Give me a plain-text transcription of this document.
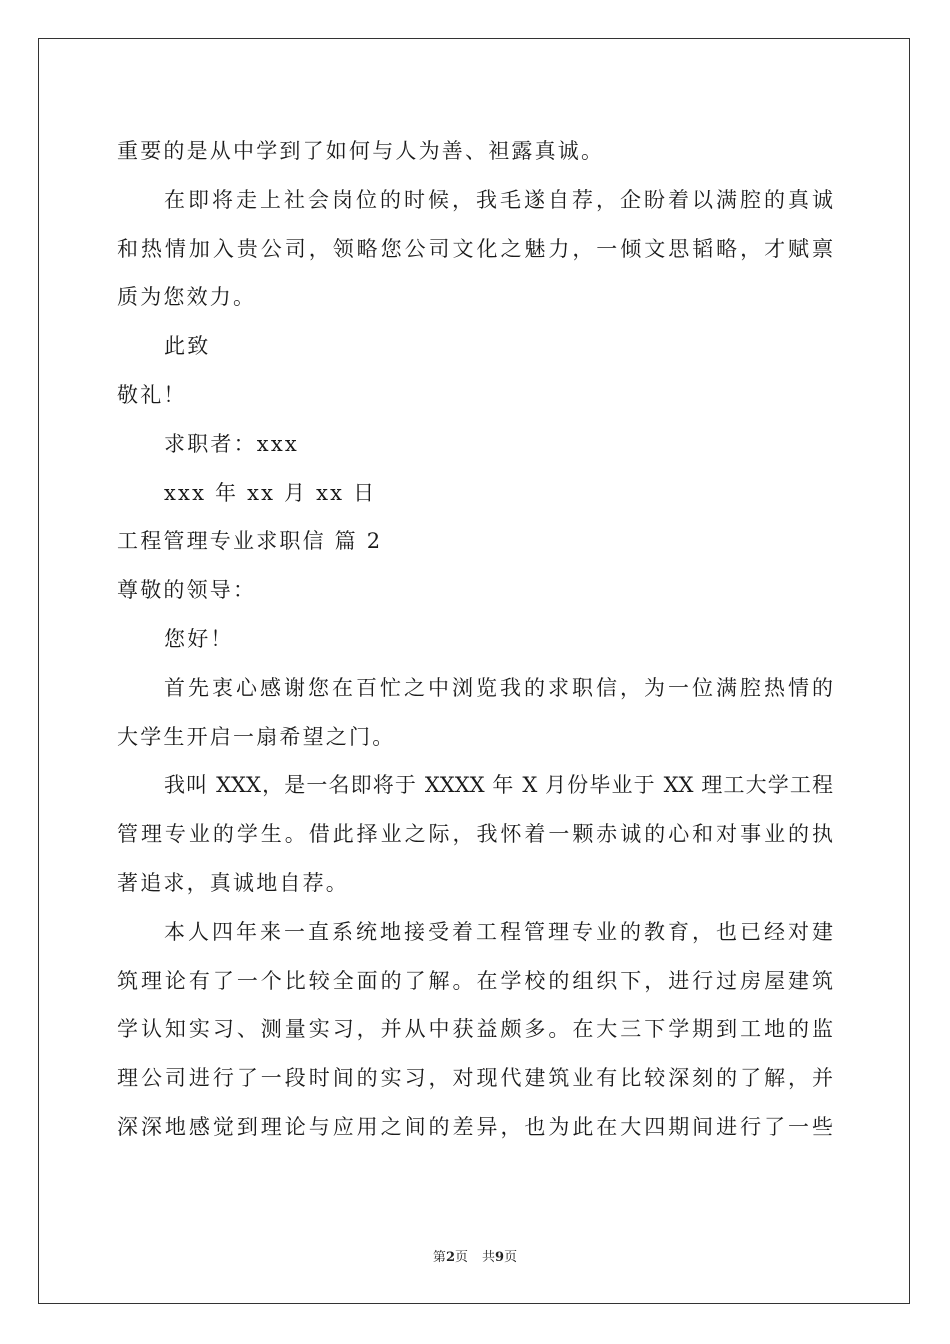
重要的是从中学到了如何与人为善、袒露真诚。
在即将走上社会岗位的时候，我毛遂自荐，企盼着以满腔的真诚
和热情加入贵公司，领略您公司文化之魅力，一倾文思韬略，才赋禀
质为您效力。
此致
敬礼！
求职者：xxx
xxx 年 xx 月 xx 日
工程管理专业求职信 篇 2
尊敬的领导：
您好！
首先衷心感谢您在百忙之中浏览我的求职信，为一位满腔热情的
大学生开启一扇希望之门。
我叫 XXX，是一名即将于 XXXX 年 X 月份毕业于 XX 理工大学工程
管理专业的学生。借此择业之际，我怀着一颗赤诚的心和对事业的执
著追求，真诚地自荐。
本人四年来一直系统地接受着工程管理专业的教育，也已经对建
筑理论有了一个比较全面的了解。在学校的组织下，进行过房屋建筑
学认知实习、测量实习，并从中获益颇多。在大三下学期到工地的监
理公司进行了一段时间的实习，对现代建筑业有比较深刻的了解，并
深深地感觉到理论与应用之间的差异，也为此在大四期间进行了一些
第2页 共9页
